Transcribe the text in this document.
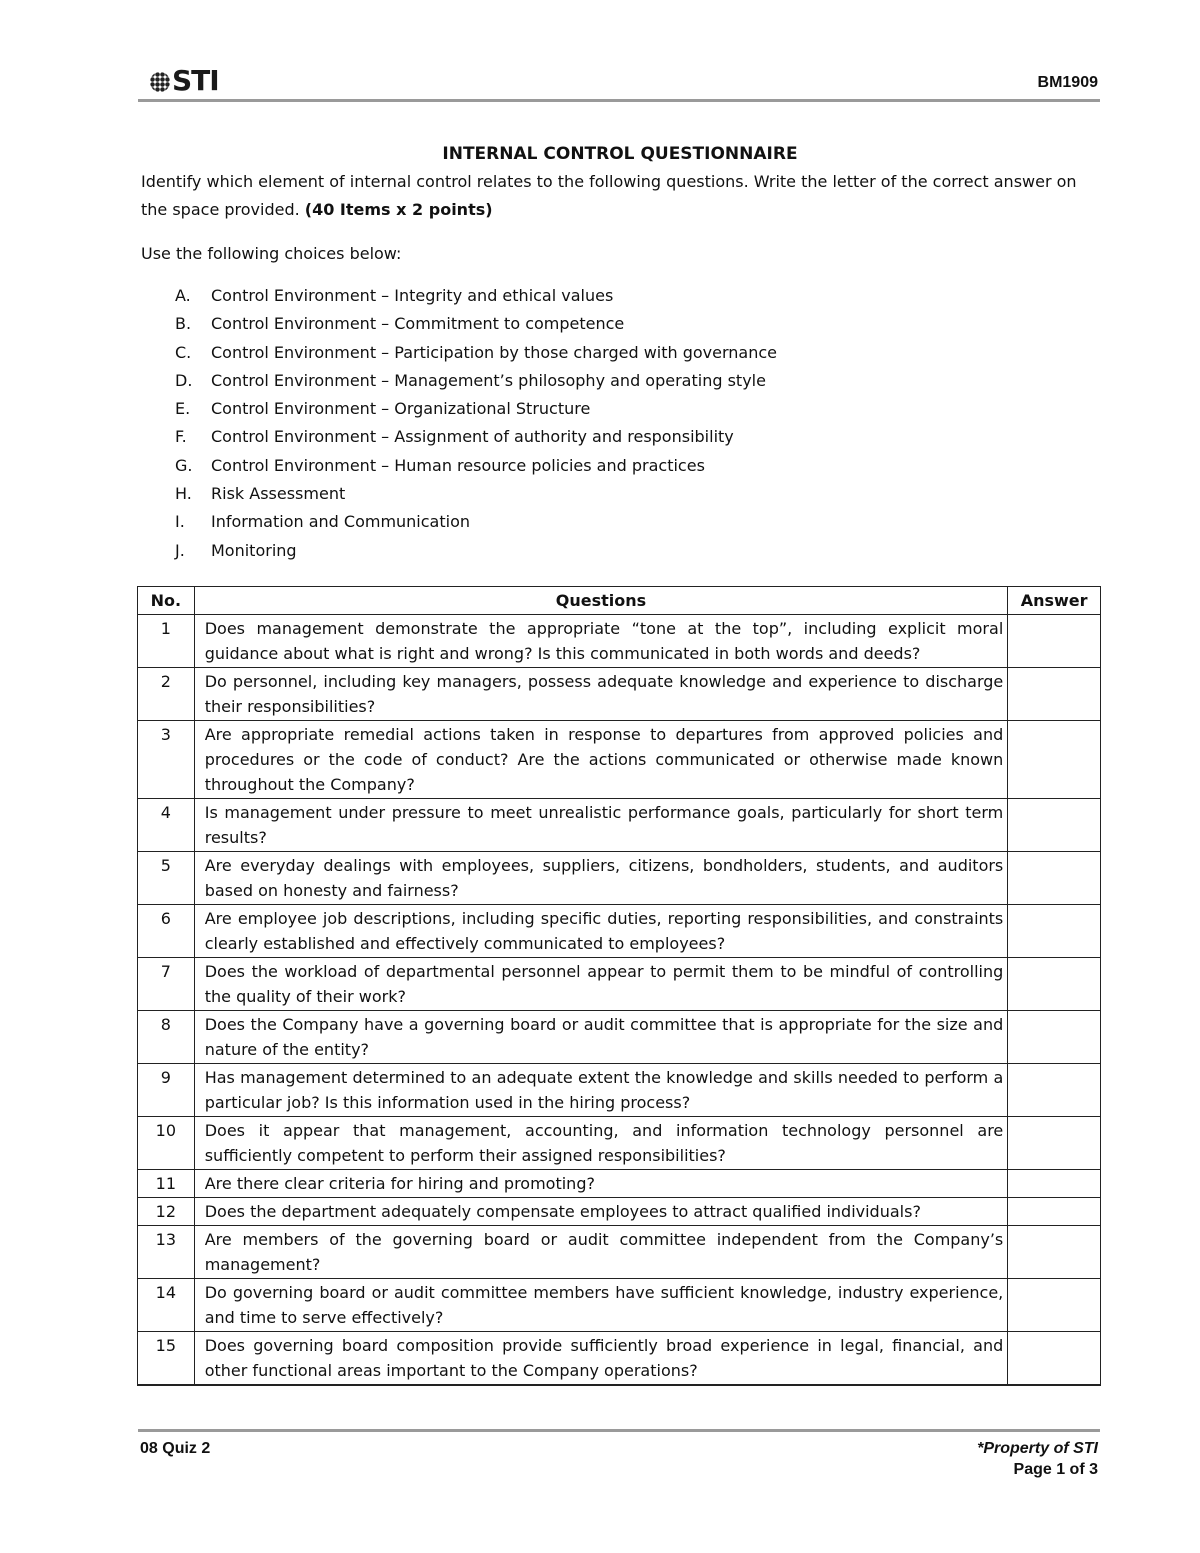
STI	BM1909
INTERNAL CONTROL QUESTIONNAIRE

Identify which element of internal control relates to the following questions. Write the letter of the correct answer on the space provided. (40 Items x 2 points)

Use the following choices below:

A. Control Environment – Integrity and ethical values
B. Control Environment – Commitment to competence
C. Control Environment – Participation by those charged with governance
D. Control Environment – Management’s philosophy and operating style
E. Control Environment – Organizational Structure
F. Control Environment – Assignment of authority and responsibility
G. Control Environment – Human resource policies and practices
H. Risk Assessment
I. Information and Communication
J. Monitoring
No.	Questions	Answer
1	Does management demonstrate the appropriate “tone at the top”, including explicit moral guidance about what is right and wrong? Is this communicated in both words and deeds?	
2	Do personnel, including key managers, possess adequate knowledge and experience to discharge their responsibilities?	
3	Are appropriate remedial actions taken in response to departures from approved policies and procedures or the code of conduct? Are the actions communicated or otherwise made known throughout the Company?	
4	Is management under pressure to meet unrealistic performance goals, particularly for short term results?	
5	Are everyday dealings with employees, suppliers, citizens, bondholders, students, and auditors based on honesty and fairness?	
6	Are employee job descriptions, including specific duties, reporting responsibilities, and constraints clearly established and effectively communicated to employees?	
7	Does the workload of departmental personnel appear to permit them to be mindful of controlling the quality of their work?	
8	Does the Company have a governing board or audit committee that is appropriate for the size and nature of the entity?	
9	Has management determined to an adequate extent the knowledge and skills needed to perform a particular job? Is this information used in the hiring process?	
10	Does it appear that management, accounting, and information technology personnel are sufficiently competent to perform their assigned responsibilities?	
11	Are there clear criteria for hiring and promoting?	
12	Does the department adequately compensate employees to attract qualified individuals?	
13	Are members of the governing board or audit committee independent from the Company’s management?	
14	Do governing board or audit committee members have sufficient knowledge, industry experience, and time to serve effectively?	
15	Does governing board composition provide sufficiently broad experience in legal, financial, and other functional areas important to the Company operations?	
08 Quiz 2	*Property of STI
Page 1 of 3
